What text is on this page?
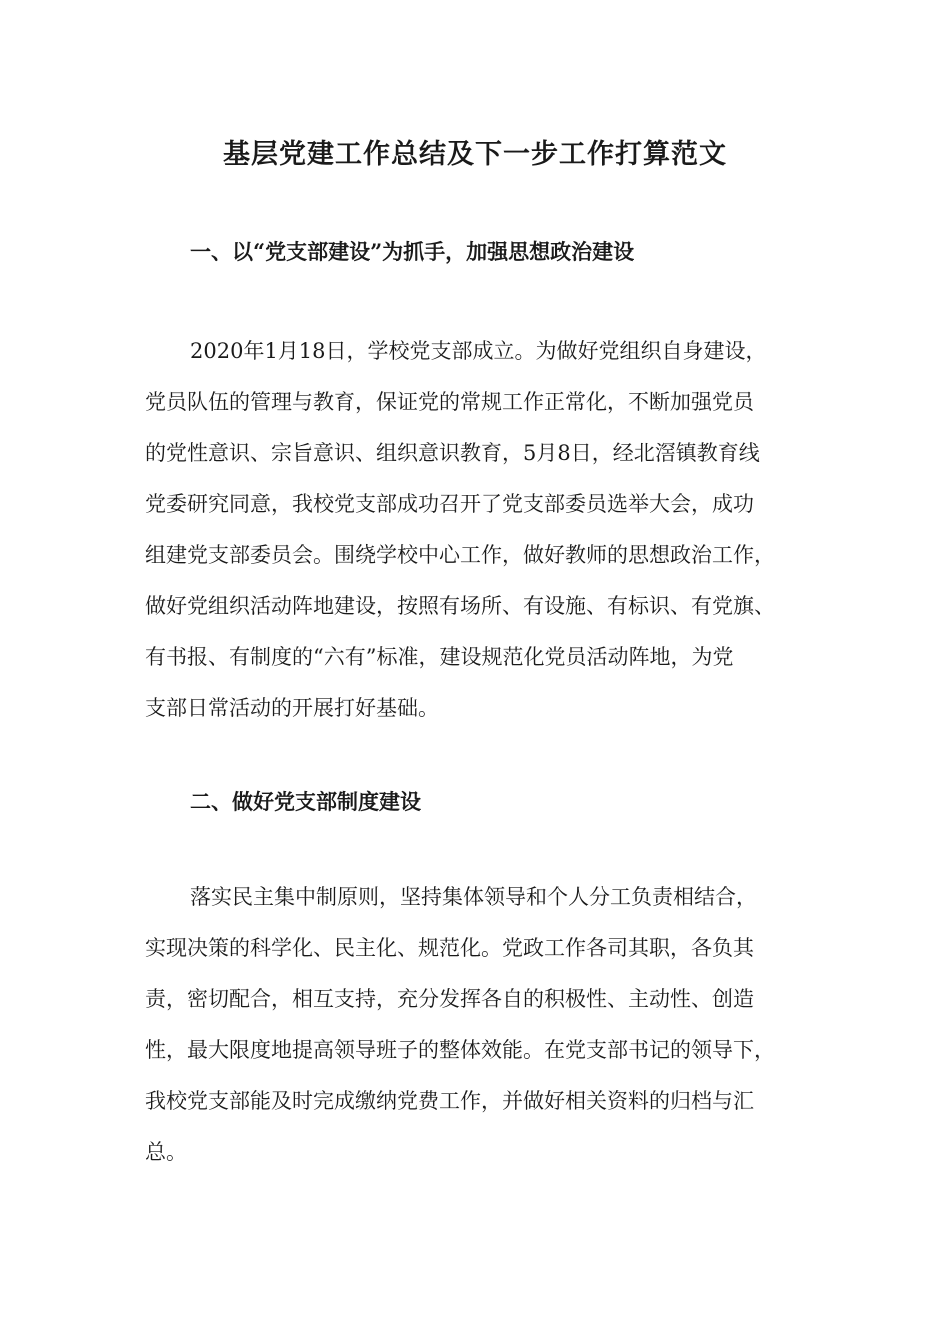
基层党建工作总结及下一步工作打算范文
一、以“党支部建设”为抓手，加强思想政治建设

2020年1月18日，学校党支部成立。为做好党组织自身建设，
党员队伍的管理与教育，保证党的常规工作正常化，不断加强党员
的党性意识、宗旨意识、组织意识教育，5月8日，经北滘镇教育线
党委研究同意，我校党支部成功召开了党支部委员选举大会，成功
组建党支部委员会。围绕学校中心工作，做好教师的思想政治工作，
做好党组织活动阵地建设，按照有场所、有设施、有标识、有党旗、
有书报、有制度的“六有”标准，建设规范化党员活动阵地，为党
支部日常活动的开展打好基础。

二、做好党支部制度建设

落实民主集中制原则，坚持集体领导和个人分工负责相结合，
实现决策的科学化、民主化、规范化。党政工作各司其职，各负其
责，密切配合，相互支持，充分发挥各自的积极性、主动性、创造
性，最大限度地提高领导班子的整体效能。在党支部书记的领导下，
我校党支部能及时完成缴纳党费工作，并做好相关资料的归档与汇
总。
